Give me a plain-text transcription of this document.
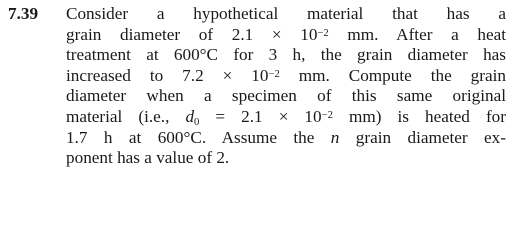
7.39 Consider a hypothetical material that has a
grain diameter of $2.1 \times 10^{-2}$ mm. After a heat
treatment at 600°C for 3 h, the grain diameter has
increased to $7.2 \times 10^{-2}$ mm. Compute the grain
diameter when a specimen of this same original
material (i.e., $d_0 = 2.1 \times 10^{-2}$ mm) is heated for
1.7 h at 600°C. Assume the n grain diameter ex-
ponent has a value of 2.
